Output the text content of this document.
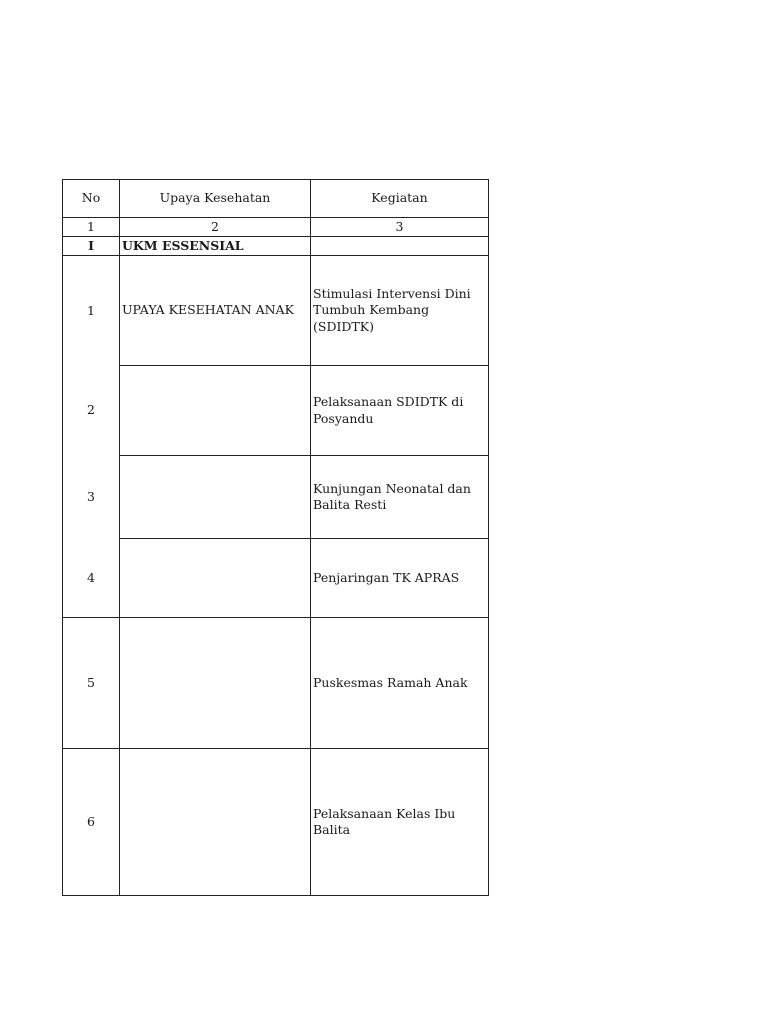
No	Upaya Kesehatan	Kegiatan
1	2	3
I	UKM ESSENSIAL	
1	UPAYA KESEHATAN ANAK	Stimulasi Intervensi Dini Tumbuh Kembang (SDIDTK)
2		Pelaksanaan SDIDTK di Posyandu
3		Kunjungan Neonatal dan Balita Resti
4		Penjaringan TK APRAS
5		Puskesmas Ramah Anak
6		Pelaksanaan Kelas Ibu Balita
